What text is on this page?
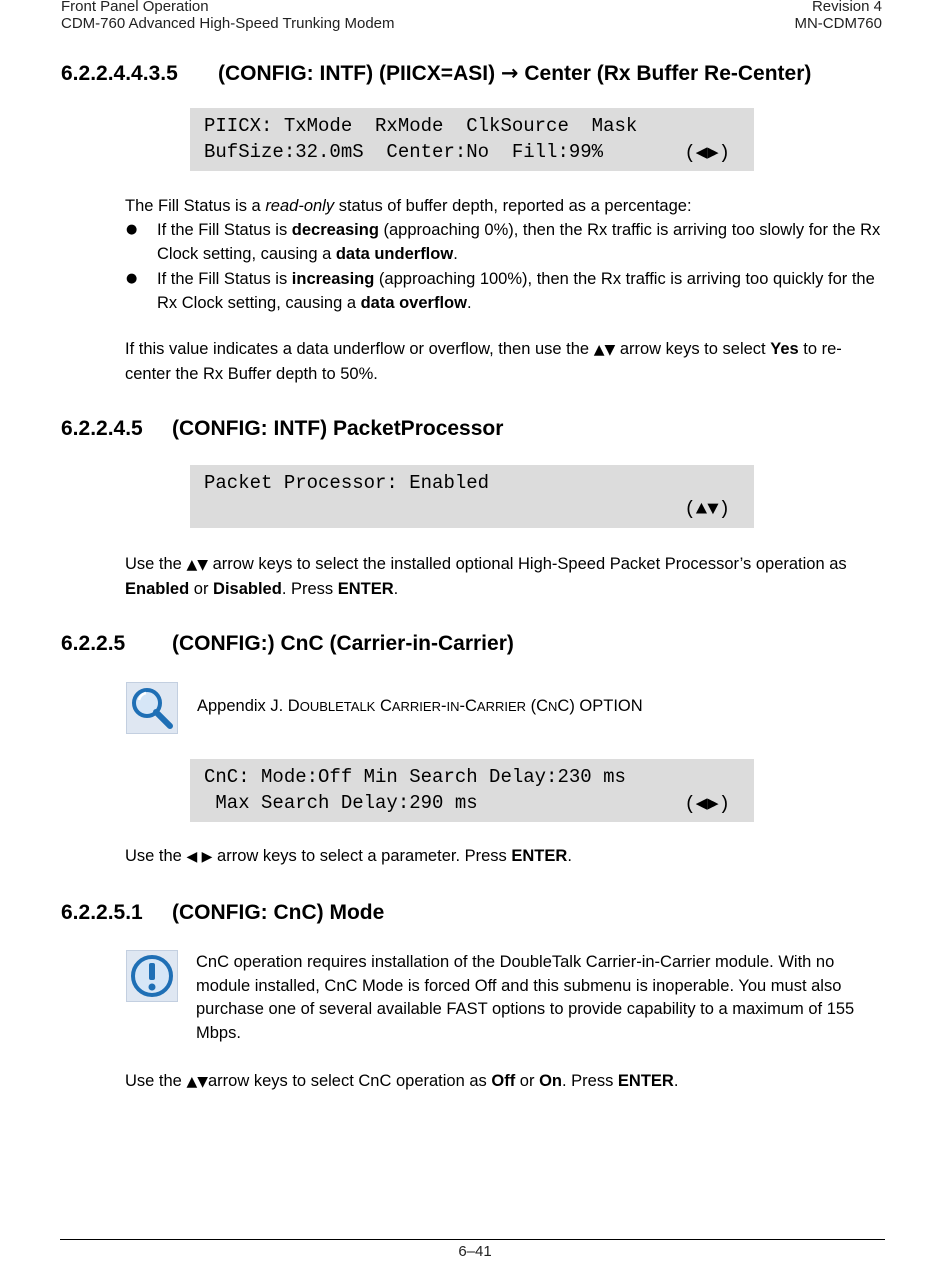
Front Panel Operation
CDM-760 Advanced High-Speed Trunking Modem
Revision 4
MN-CDM760
6.2.2.4.4.3.5 (CONFIG: INTF) (PIICX=ASI) → Center (Rx Buffer Re-Center)
PIICX: TxMode  RxMode  ClkSource  Mask
BufSize:32.0mS  Center:No  Fill:99%	(◀▶)
The Fill Status is a read-only status of buffer depth, reported as a percentage:
● If the Fill Status is decreasing (approaching 0%), then the Rx traffic is arriving too slowly for the Rx Clock setting, causing a data underflow.
● If the Fill Status is increasing (approaching 100%), then the Rx traffic is arriving too quickly for the Rx Clock setting, causing a data overflow.
If this value indicates a data underflow or overflow, then use the ▲▼ arrow keys to select Yes to re-center the Rx Buffer depth to 50%.
6.2.2.4.5 (CONFIG: INTF) PacketProcessor
Packet Processor: Enabled
(▲▼)
Use the ▲▼ arrow keys to select the installed optional High-Speed Packet Processor’s operation as Enabled or Disabled. Press ENTER.
6.2.2.5 (CONFIG:) CnC (Carrier-in-Carrier)
Appendix J. DOUBLETALK CARRIER-IN-CARRIER (CNC) OPTION
CnC: Mode:Off Min Search Delay:230 ms
Max Search Delay:290 ms	(◀▶)
Use the ◀ ▶ arrow keys to select a parameter. Press ENTER.
6.2.2.5.1 (CONFIG: CnC) Mode
CnC operation requires installation of the DoubleTalk Carrier-in-Carrier module. With no module installed, CnC Mode is forced Off and this submenu is inoperable. You must also purchase one of several available FAST options to provide capability to a maximum of 155 Mbps.
Use the ▲▼arrow keys to select CnC operation as Off or On. Press ENTER.
6–41
